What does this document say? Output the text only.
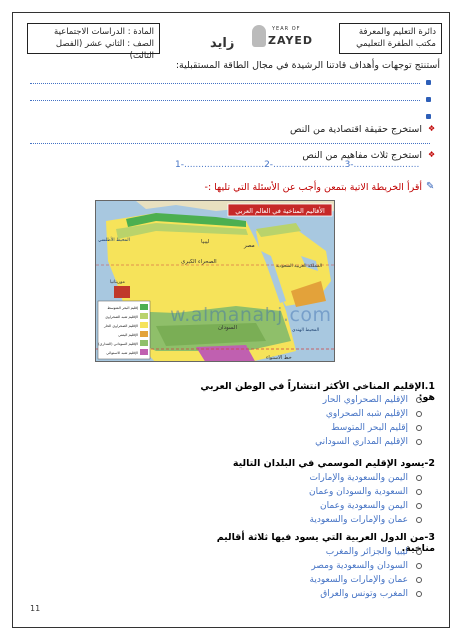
دائرة التعليم والمعرفة
مكتب الطفرة التعليمي
المادة : الدراسات الاجتماعية
الصف : الثاني عشر (الفصل الثالث)
زايد
YEAR OF
ZAYED
أستنتج توجهات وأهداف قادتنا الرشيدة في مجال الطاقة المستقبلية:
❖
استخرج حقيقة اقتصادية من النص
❖
استخرج ثلاث مفاهيم من النص
1-............................2-.........................3-.......................
✎
أقرأ الخريطة الاتية بتمعن وأجب عن الأسئلة التي تليها :-
الأقاليم المناخية في العالم العربي
الصحراء الكبرى
السودان
ليبيا
مصر
موريتانيا
خط الاستواء
المحيط الهندي
المحيط الأطلسي
المملكة العربية السعودية
إقليم البحر المتوسط
الإقليم شبه الصحراوي
الإقليم الصحراوي الحار
الإقليم اليمني
الإقليم السوداني (المداري)
الإقليم شبه الاستوائي
w.almanahj.com
1.الإقليم المناخي الأكثر انتشاراً في الوطن العربي هو:
الإقليم الصحراوي الحار
الإقليم شبه الصحراوي
إقليم البحر المتوسط
الإقليم المداري السوداني
2-يسود الإقليم الموسمي في البلدان التالية
اليمن والسعودية والإمارات
السعودية والسودان وعمان
اليمن والسعودية وعمان
عمان والإمارات والسعودية
3-من الدول العربية التي يسود فيها ثلاثة أقاليم مناخية.
ليبيا والجزائر والمغرب
السودان والسعودية ومصر
عمان والإمارات والسعودية
المغرب وتونس والعراق
11
